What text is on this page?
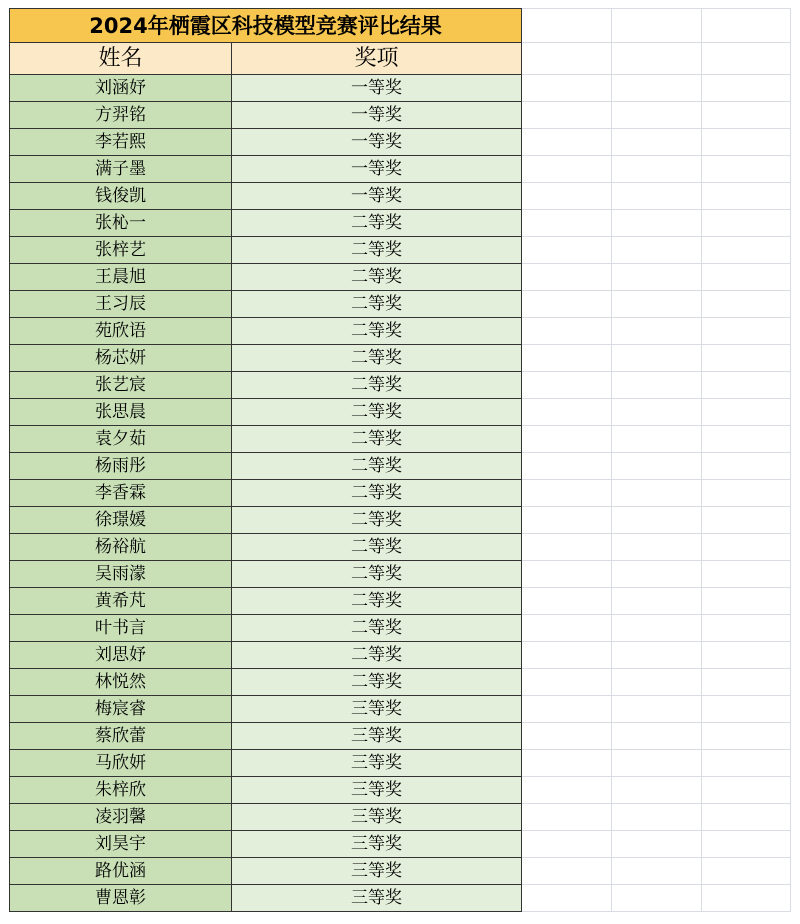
2024年栖霞区科技模型竞赛评比结果				
姓名	奖项			
刘涵妤	一等奖			
方羿铭	一等奖			
李若熙	一等奖			
满子墨	一等奖			
钱俊凯	一等奖			
张杺一	二等奖			
张梓艺	二等奖			
王晨旭	二等奖			
王习辰	二等奖			
苑欣语	二等奖			
杨芯妍	二等奖			
张艺宸	二等奖			
张思晨	二等奖			
袁夕茹	二等奖			
杨雨彤	二等奖			
李香霖	二等奖			
徐璟媛	二等奖			
杨裕航	二等奖			
吴雨濛	二等奖			
黄希芃	二等奖			
叶书言	二等奖			
刘思妤	二等奖			
林悦然	二等奖			
梅宸睿	三等奖			
蔡欣蕾	三等奖			
马欣妍	三等奖			
朱梓欣	三等奖			
凌羽馨	三等奖			
刘昊宇	三等奖			
路优涵	三等奖			
曹恩彰	三等奖			
